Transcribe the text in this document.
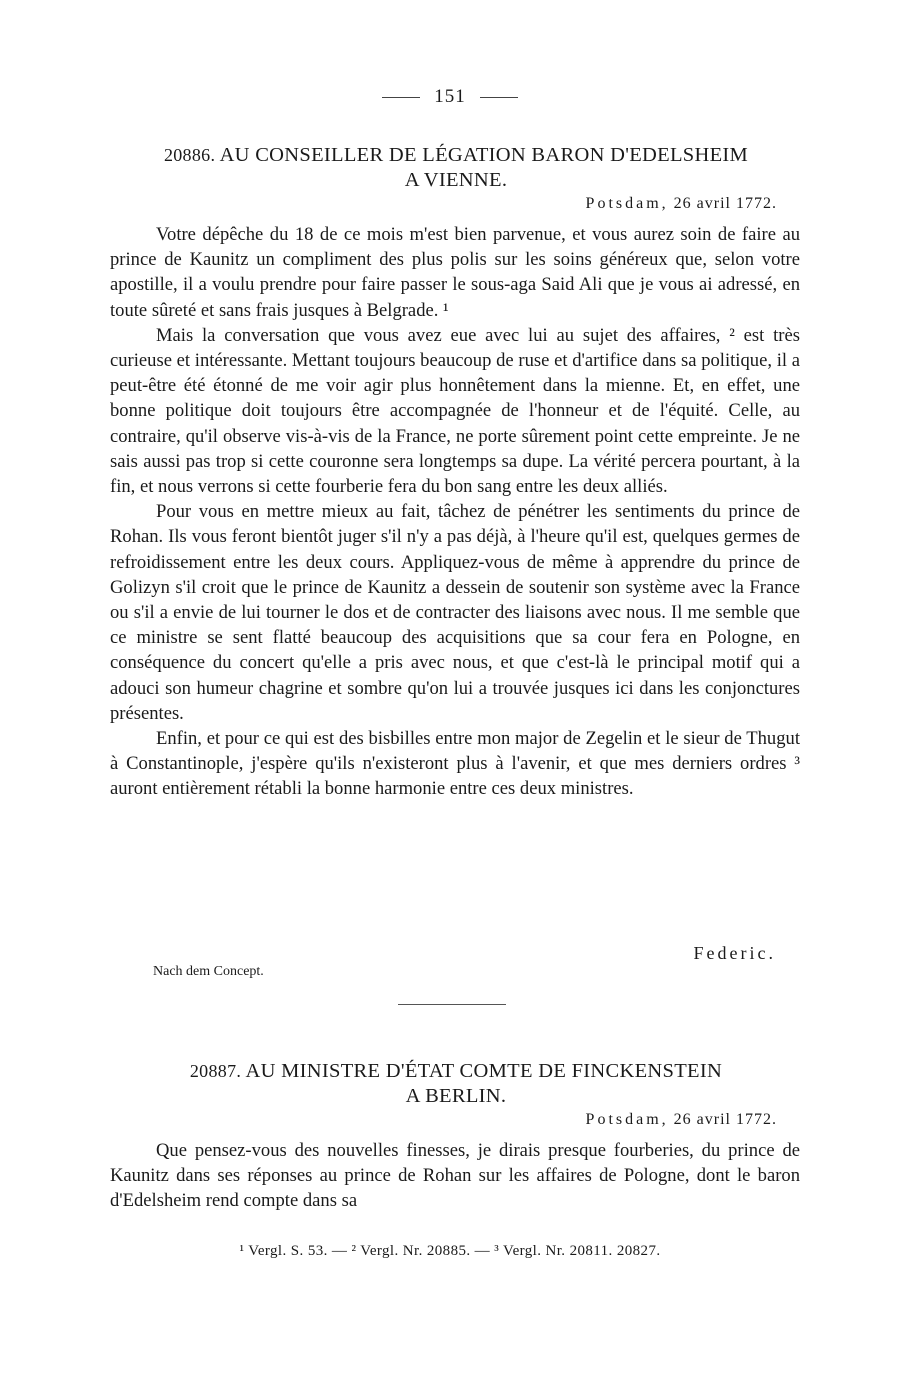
151
20886. AU CONSEILLER DE LÉGATION BARON D'EDELSHEIM
A VIENNE.
Potsdam, 26 avril 1772.

Votre dépêche du 18 de ce mois m'est bien parvenue, et vous aurez soin de faire au prince de Kaunitz un compliment des plus polis sur les soins généreux que, selon votre apostille, il a voulu prendre pour faire passer le sous-aga Said Ali que je vous ai adressé, en toute sûreté et sans frais jusques à Belgrade. ¹

Mais la conversation que vous avez eue avec lui au sujet des affaires, ² est très curieuse et intéressante. Mettant toujours beaucoup de ruse et d'artifice dans sa politique, il a peut-être été étonné de me voir agir plus honnêtement dans la mienne. Et, en effet, une bonne politique doit toujours être accompagnée de l'honneur et de l'équité. Celle, au contraire, qu'il observe vis-à-vis de la France, ne porte sûrement point cette empreinte. Je ne sais aussi pas trop si cette couronne sera longtemps sa dupe. La vérité percera pourtant, à la fin, et nous verrons si cette fourberie fera du bon sang entre les deux alliés.

Pour vous en mettre mieux au fait, tâchez de pénétrer les sentiments du prince de Rohan. Ils vous feront bientôt juger s'il n'y a pas déjà, à l'heure qu'il est, quelques germes de refroidissement entre les deux cours. Appliquez-vous de même à apprendre du prince de Golizyn s'il croit que le prince de Kaunitz a dessein de soutenir son système avec la France ou s'il a envie de lui tourner le dos et de contracter des liaisons avec nous. Il me semble que ce ministre se sent flatté beaucoup des acquisitions que sa cour fera en Pologne, en conséquence du concert qu'elle a pris avec nous, et que c'est-là le principal motif qui a adouci son humeur chagrine et sombre qu'on lui a trouvée jusques ici dans les conjonctures présentes.

Enfin, et pour ce qui est des bisbilles entre mon major de Zegelin et le sieur de Thugut à Constantinople, j'espère qu'ils n'existeront plus à l'avenir, et que mes derniers ordres ³ auront entièrement rétabli la bonne harmonie entre ces deux ministres.

Federic.
Nach dem Concept.
20887. AU MINISTRE D'ÉTAT COMTE DE FINCKENSTEIN
A BERLIN.
Potsdam, 26 avril 1772.

Que pensez-vous des nouvelles finesses, je dirais presque fourberies, du prince de Kaunitz dans ses réponses au prince de Rohan sur les affaires de Pologne, dont le baron d'Edelsheim rend compte dans sa

¹ Vergl. S. 53. — ² Vergl. Nr. 20885. — ³ Vergl. Nr. 20811. 20827.
